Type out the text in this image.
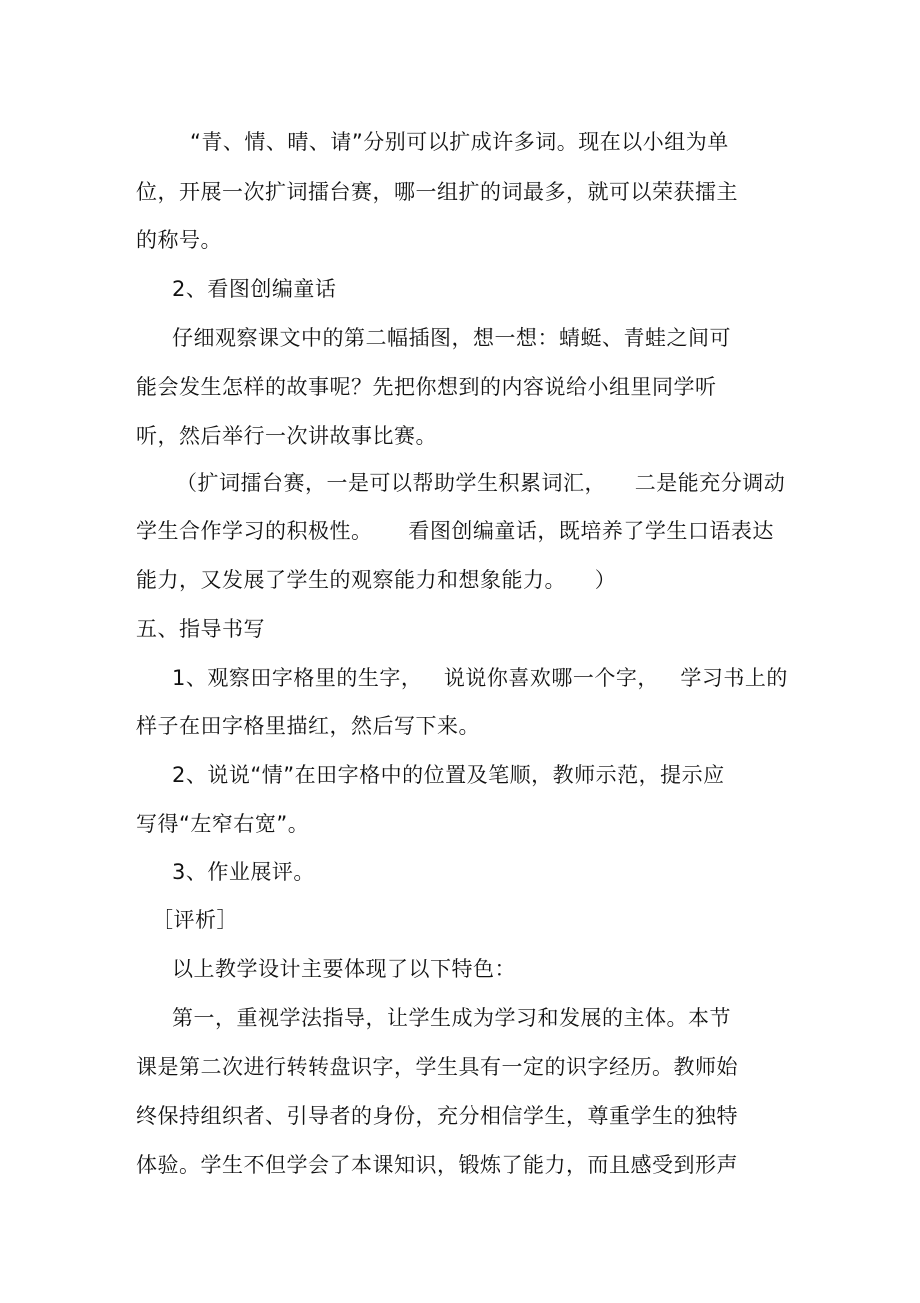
“青、情、晴、请”分别可以扩成许多词。现在以小组为单
位，开展一次扩词擂台赛，哪一组扩的词最多，就可以荣获擂主
的称号。
2、看图创编童话
仔细观察课文中的第二幅插图，想一想：蜻蜓、青蛙之间可
能会发生怎样的故事呢？先把你想到的内容说给小组里同学听
听，然后举行一次讲故事比赛。
（扩词擂台赛，一是可以帮助学生积累词汇，    二是能充分调动
学生合作学习的积极性。     看图创编童话，既培养了学生口语表达
能力，又发展了学生的观察能力和想象能力。    ）
五、指导书写
1、观察田字格里的生字，   说说你喜欢哪一个字，   学习书上的
样子在田字格里描红，然后写下来。
2、说说“情”在田字格中的位置及笔顺，教师示范，提示应
写得“左窄右宽”。
3、作业展评。
［评析］
以上教学设计主要体现了以下特色：
第一，重视学法指导，让学生成为学习和发展的主体。本节
课是第二次进行转转盘识字，学生具有一定的识字经历。教师始
终保持组织者、引导者的身份，充分相信学生，尊重学生的独特
体验。学生不但学会了本课知识，锻炼了能力，而且感受到形声
